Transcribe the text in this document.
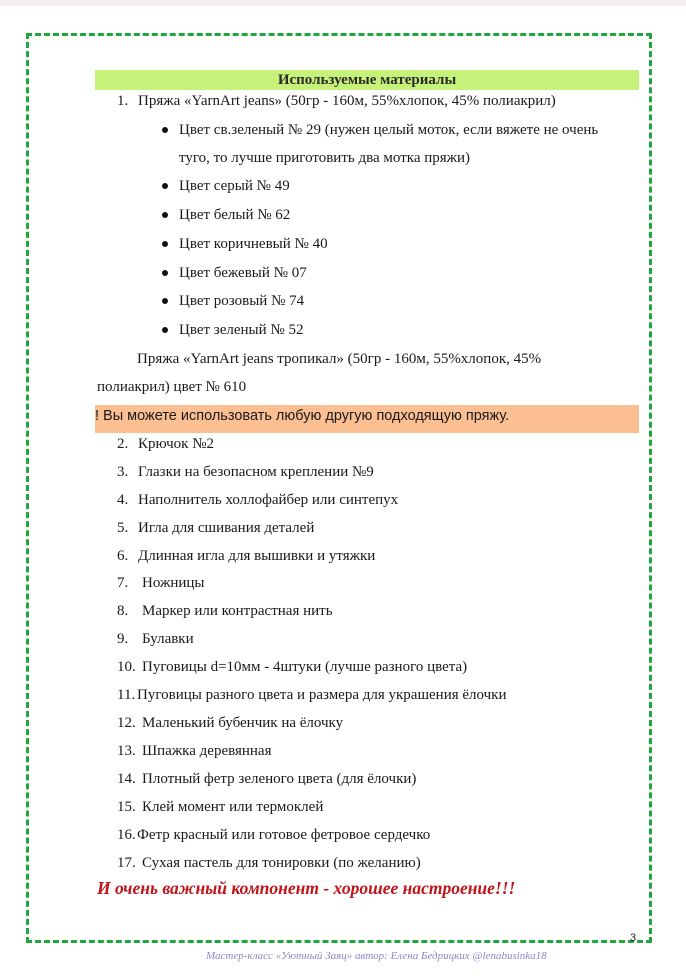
Используемые материалы
1. Пряжа «YarnArt jeans» (50гр - 160м, 55%хлопок, 45% полиакрил)
Цвет св.зеленый № 29 (нужен целый моток, если вяжете не очень
туго, то лучше приготовить два мотка пряжи)
Цвет серый № 49
Цвет белый № 62
Цвет коричневый № 40
Цвет бежевый № 07
Цвет розовый № 74
Цвет зеленый № 52
Пряжа «YarnArt jeans тропикал» (50гр - 160м, 55%хлопок, 45%
полиакрил) цвет № 610
! Вы можете использовать любую другую подходящую пряжу.
2. Крючок №2
3. Глазки на безопасном креплении №9
4. Наполнитель холлофайбер или синтепух
5. Игла для сшивания деталей
6. Длинная игла для вышивки и утяжки
7. Ножницы
8. Маркер или контрастная нить
9. Булавки
10. Пуговицы d=10мм - 4штуки (лучше разного цвета)
11. Пуговицы разного цвета и размера для украшения ёлочки
12. Маленький бубенчик на ёлочку
13. Шпажка деревянная
14. Плотный фетр зеленого цвета (для ёлочки)
15. Клей момент или термоклей
16.Фетр красный или готовое фетровое сердечко
17. Сухая пастель для тонировки (по желанию)
И очень важный компонент - хорошее настроение!!!
3
Мастер-класс «Уютный Заяц» автор: Елена Бедрицких @lenabusinka18
